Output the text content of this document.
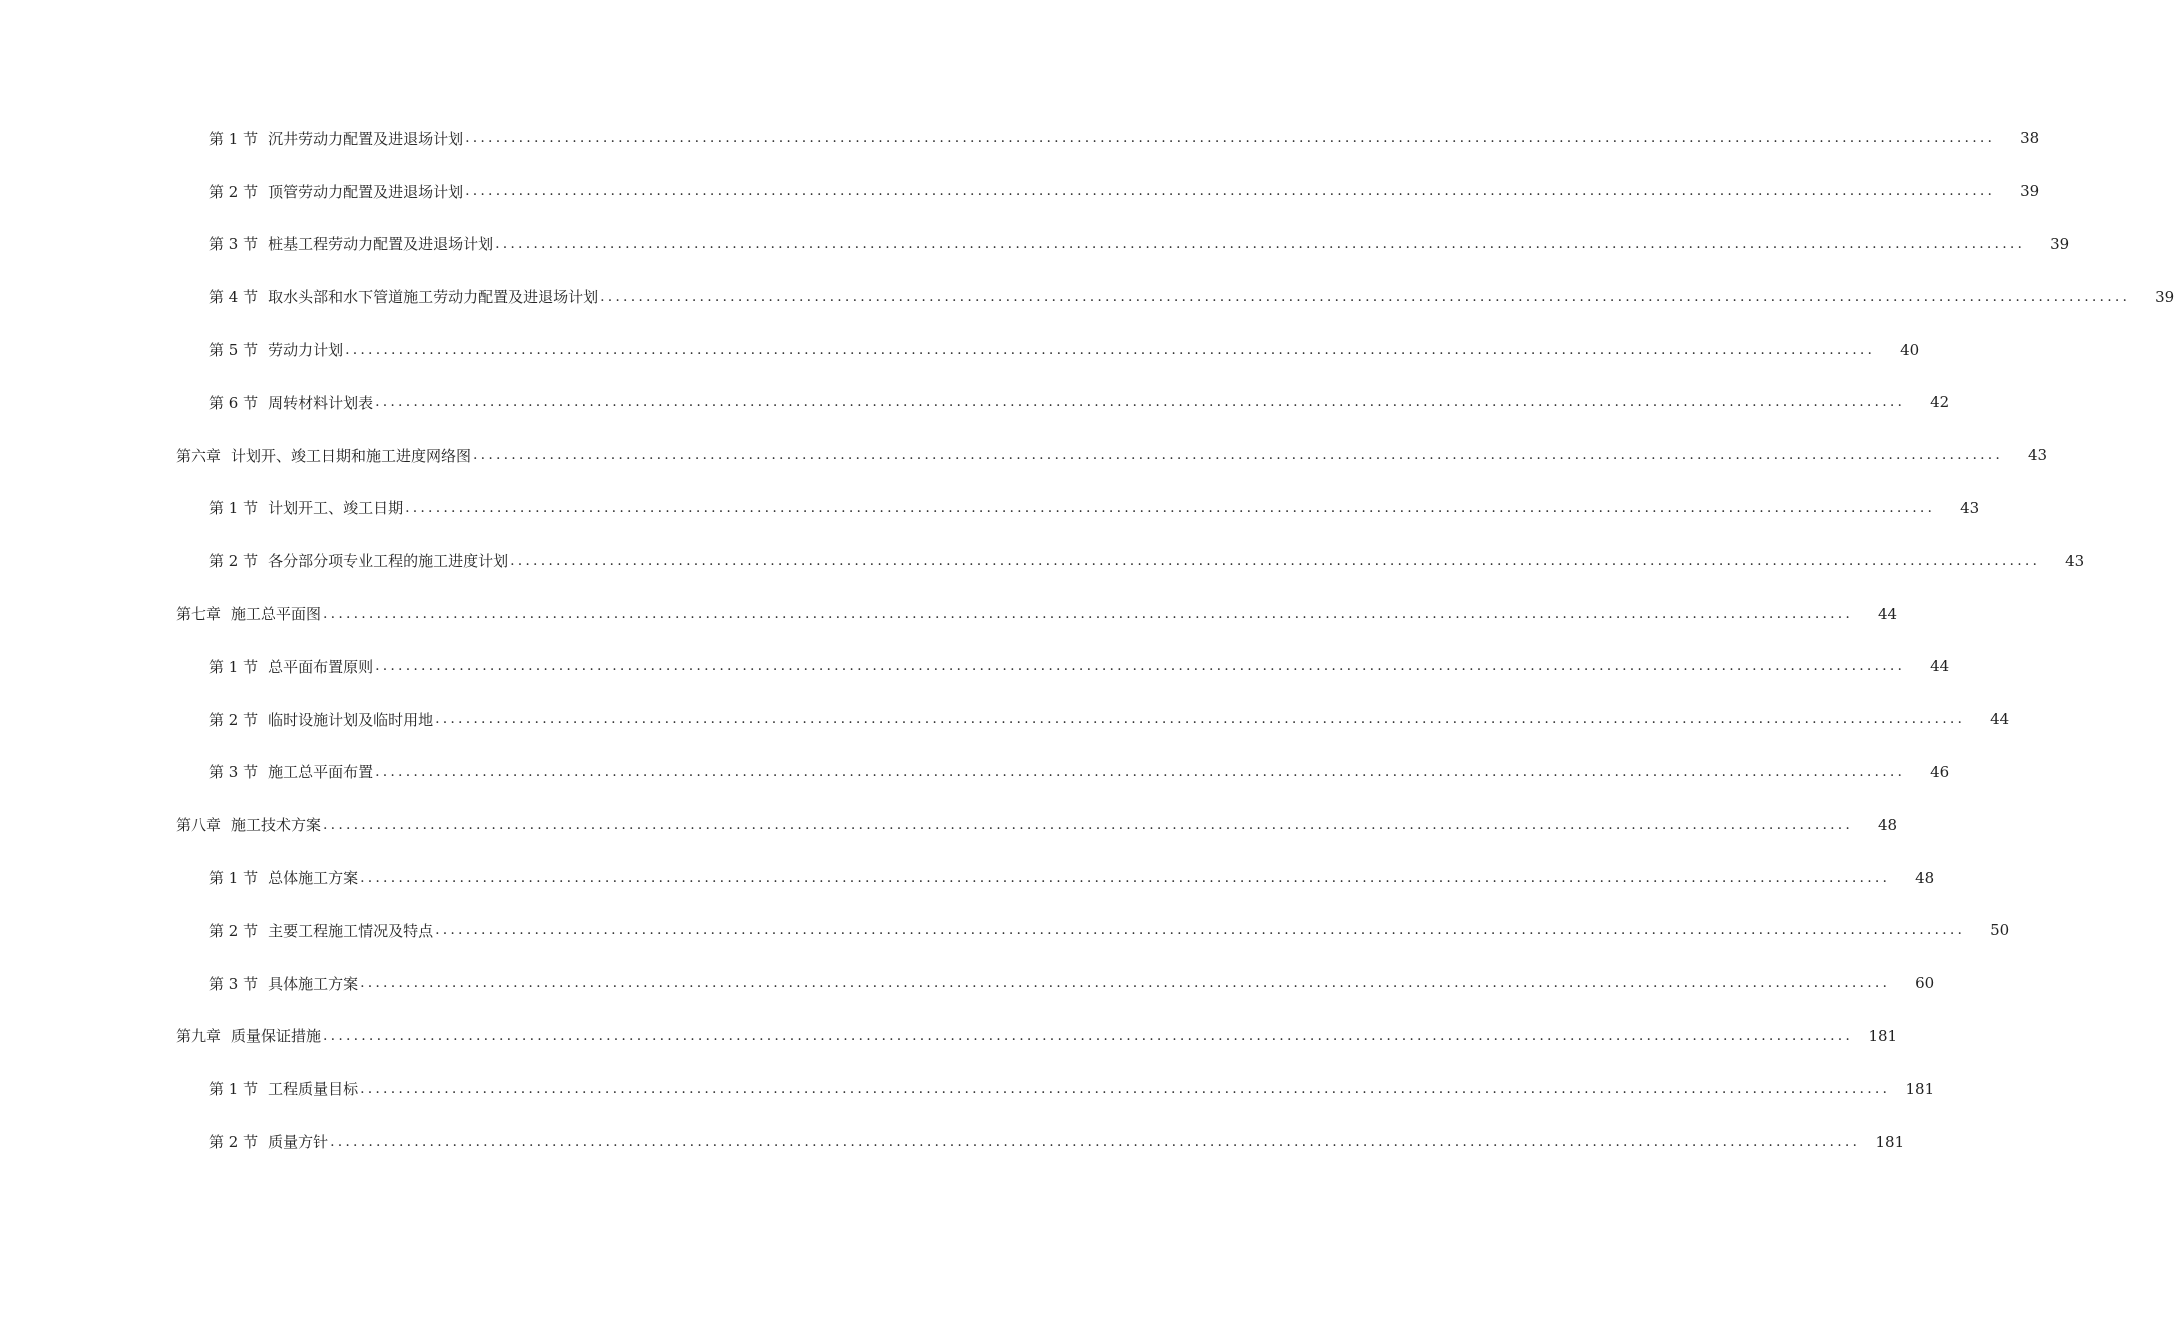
第 1 节 沉井劳动力配置及进退场计划 ........................................................................................................................................................................................................	38
第 2 节 顶管劳动力配置及进退场计划 ........................................................................................................................................................................................................	39
第 3 节 桩基工程劳动力配置及进退场计划 ........................................................................................................................................................................................................	39
第 4 节 取水头部和水下管道施工劳动力配置及进退场计划 ........................................................................................................................................................................................................	39
第 5 节 劳动力计划 ........................................................................................................................................................................................................	40
第 6 节 周转材料计划表 ........................................................................................................................................................................................................	42
第六章 计划开、竣工日期和施工进度网络图 ........................................................................................................................................................................................................	43
第 1 节 计划开工、竣工日期 ........................................................................................................................................................................................................	43
第 2 节 各分部分项专业工程的施工进度计划 ........................................................................................................................................................................................................	43
第七章 施工总平面图 ........................................................................................................................................................................................................	44
第 1 节 总平面布置原则 ........................................................................................................................................................................................................	44
第 2 节 临时设施计划及临时用地 ........................................................................................................................................................................................................	44
第 3 节 施工总平面布置 ........................................................................................................................................................................................................	46
第八章 施工技术方案 ........................................................................................................................................................................................................	48
第 1 节 总体施工方案 ........................................................................................................................................................................................................	48
第 2 节 主要工程施工情况及特点 ........................................................................................................................................................................................................	50
第 3 节 具体施工方案 ........................................................................................................................................................................................................	60
第九章 质量保证措施 ........................................................................................................................................................................................................	181
第 1 节 工程质量目标 ........................................................................................................................................................................................................	181
第 2 节 质量方针 ........................................................................................................................................................................................................	181
